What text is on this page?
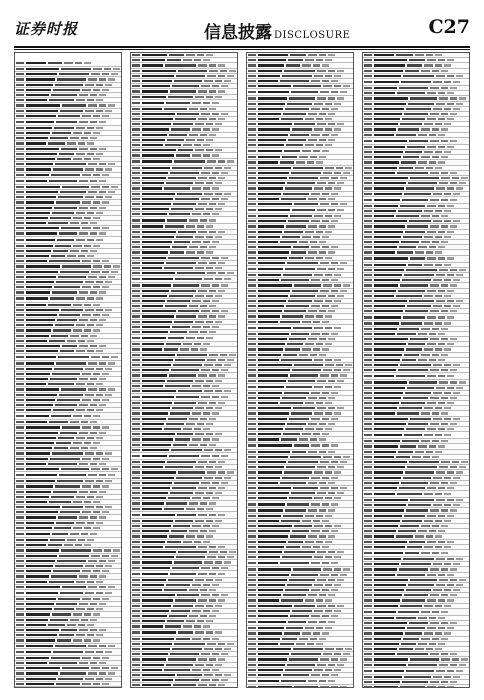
证券时报	信息披露 DISCLOSURE	C27
